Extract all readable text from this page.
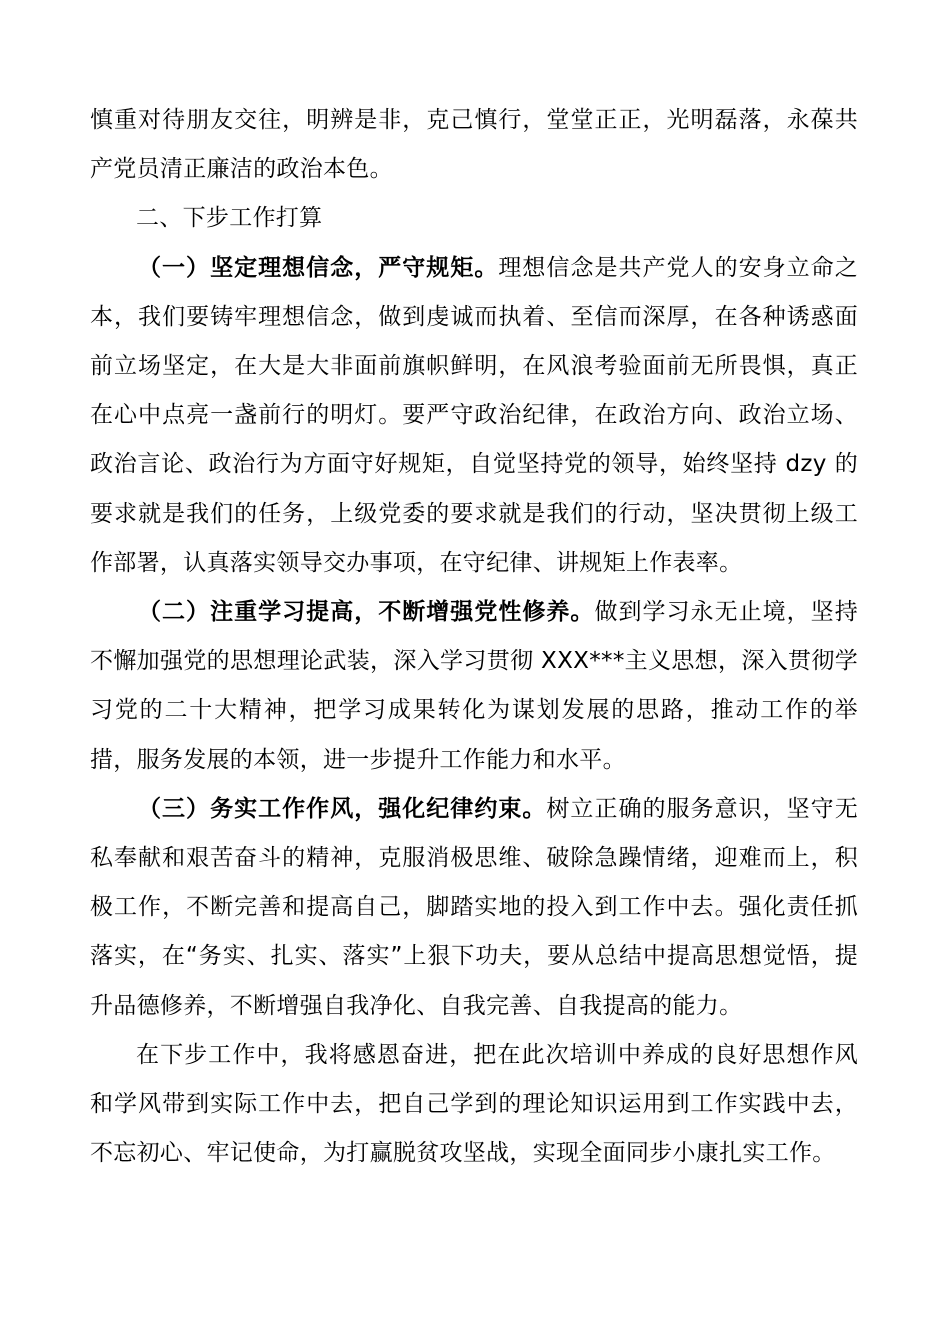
慎重对待朋友交往，明辨是非，克己慎行，堂堂正正，光明磊落，永葆共产党员清正廉洁的政治本色。

二、下步工作打算

（一）坚定理想信念，严守规矩。理想信念是共产党人的安身立命之本，我们要铸牢理想信念，做到虔诚而执着、至信而深厚，在各种诱惑面前立场坚定，在大是大非面前旗帜鲜明，在风浪考验面前无所畏惧，真正在心中点亮一盏前行的明灯。要严守政治纪律，在政治方向、政治立场、政治言论、政治行为方面守好规矩，自觉坚持党的领导，始终坚持 dzy 的要求就是我们的任务，上级党委的要求就是我们的行动，坚决贯彻上级工作部署，认真落实领导交办事项，在守纪律、讲规矩上作表率。

（二）注重学习提高，不断增强党性修养。做到学习永无止境，坚持不懈加强党的思想理论武装，深入学习贯彻 XXX***主义思想，深入贯彻学习党的二十大精神，把学习成果转化为谋划发展的思路，推动工作的举措，服务发展的本领，进一步提升工作能力和水平。

（三）务实工作作风，强化纪律约束。树立正确的服务意识，坚守无私奉献和艰苦奋斗的精神，克服消极思维、破除急躁情绪，迎难而上，积极工作，不断完善和提高自己，脚踏实地的投入到工作中去。强化责任抓落实，在“务实、扎实、落实”上狠下功夫，要从总结中提高思想觉悟，提升品德修养，不断增强自我净化、自我完善、自我提高的能力。

在下步工作中，我将感恩奋进，把在此次培训中养成的良好思想作风和学风带到实际工作中去，把自己学到的理论知识运用到工作实践中去，不忘初心、牢记使命，为打赢脱贫攻坚战，实现全面同步小康扎实工作。
